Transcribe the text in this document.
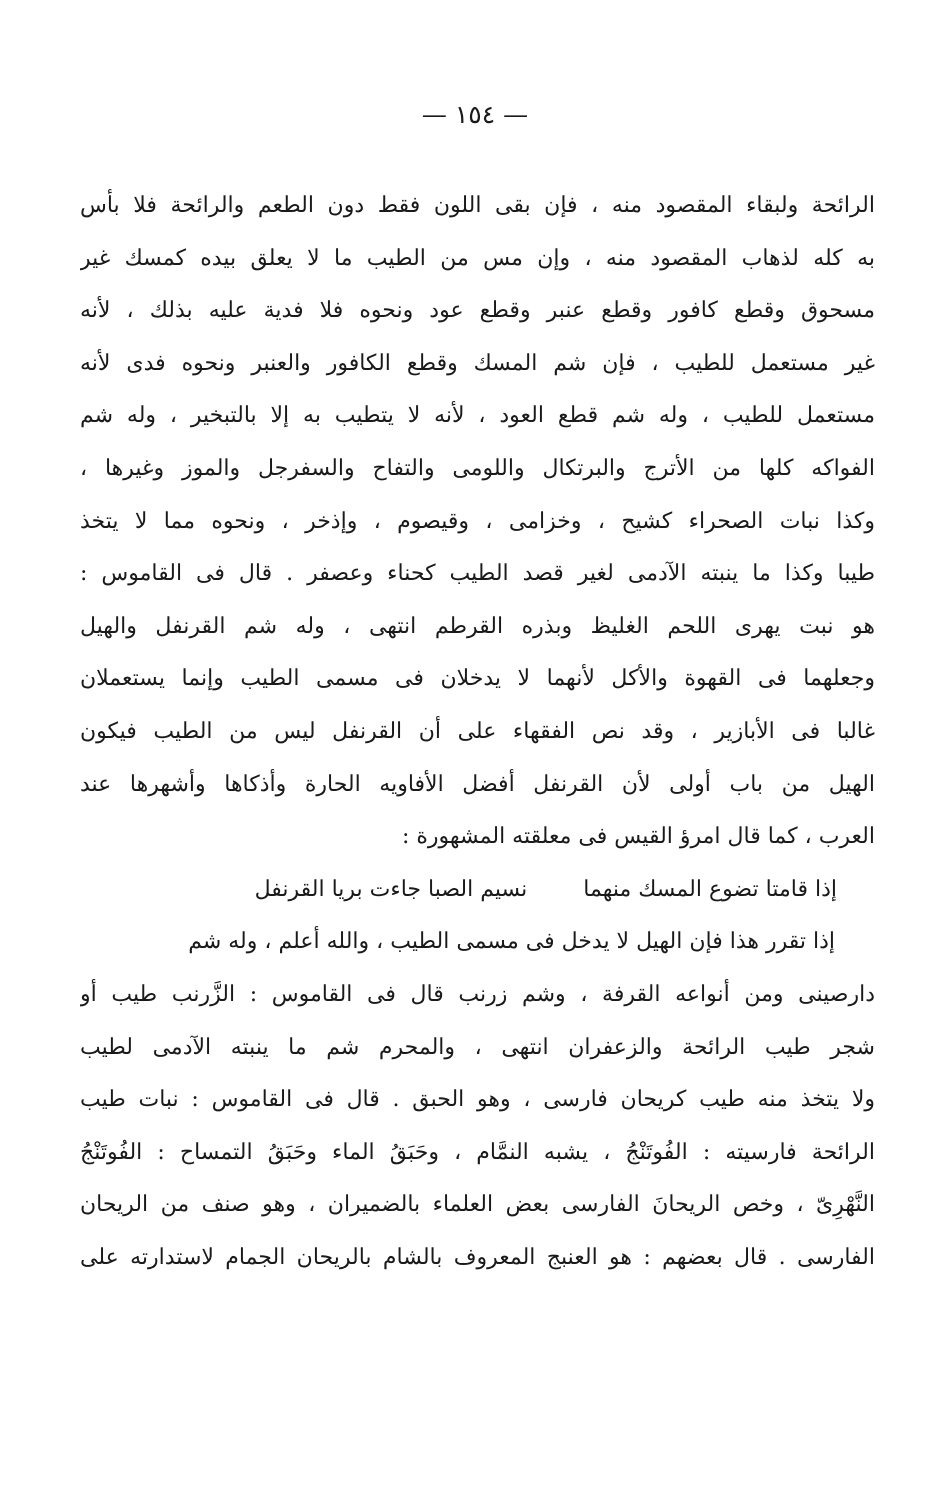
— ١٥٤ —
الرائحة ولبقاء المقصود منه ، فإن بقى اللون فقط دون الطعم والرائحة فلا بأس
به كله لذهاب المقصود منه ، وإن مس من الطيب ما لا يعلق بيده كمسك غير
مسحوق وقطع كافور وقطع عنبر وقطع عود ونحوه فلا فدية عليه بذلك ، لأنه
غير مستعمل للطيب ، فإن شم المسك وقطع الكافور والعنبر ونحوه فدى لأنه
مستعمل للطيب ، وله شم قطع العود ، لأنه لا يتطيب به إلا بالتبخير ، وله شم
الفواكه كلها من الأترج والبرتكال واللومى والتفاح والسفرجل والموز وغيرها ،
وكذا نبات الصحراء كشيح ، وخزامى ، وقيصوم ، وإذخر ، ونحوه مما لا يتخذ
طيبا وكذا ما ينبته الآدمى لغير قصد الطيب كحناء وعصفر . قال فى القاموس :
هو نبت يهرى اللحم الغليظ وبذره القرطم انتهى ، وله شم القرنفل والهيل
وجعلهما فى القهوة والأكل لأنهما لا يدخلان فى مسمى الطيب وإنما يستعملان
غالبا فى الأبازير ، وقد نص الفقهاء على أن القرنفل ليس من الطيب فيكون
الهيل من باب أولى لأن القرنفل أفضل الأفاويه الحارة وأذكاها وأشهرها عند
العرب ، كما قال امرؤ القيس فى معلقته المشهورة :
إذا قامتا تضوع المسك منهما
نسيم الصبا جاءت بريا القرنفل
إذا تقرر هذا فإن الهيل لا يدخل فى مسمى الطيب ، والله أعلم ، وله شم
دارصينى ومن أنواعه القرفة ، وشم زرنب قال فى القاموس : الزَّرنب طيب أو
شجر طيب الرائحة والزعفران انتهى ، والمحرم شم ما ينبته الآدمى لطيب
ولا يتخذ منه طيب كريحان فارسى ، وهو الحبق . قال فى القاموس : نبات طيب
الرائحة فارسيته : الفُوتَنْجُ ، يشبه النمَّام ، وحَبَقُ الماء وحَبَقُ التمساح : الفُوتَنْجُ
النَّهْرِىّ ، وخص الريحانَ الفارسى بعض العلماء بالضميران ، وهو صنف من الريحان
الفارسى . قال بعضهم : هو العنبج المعروف بالشام بالريحان الجمام لاستدارته على
